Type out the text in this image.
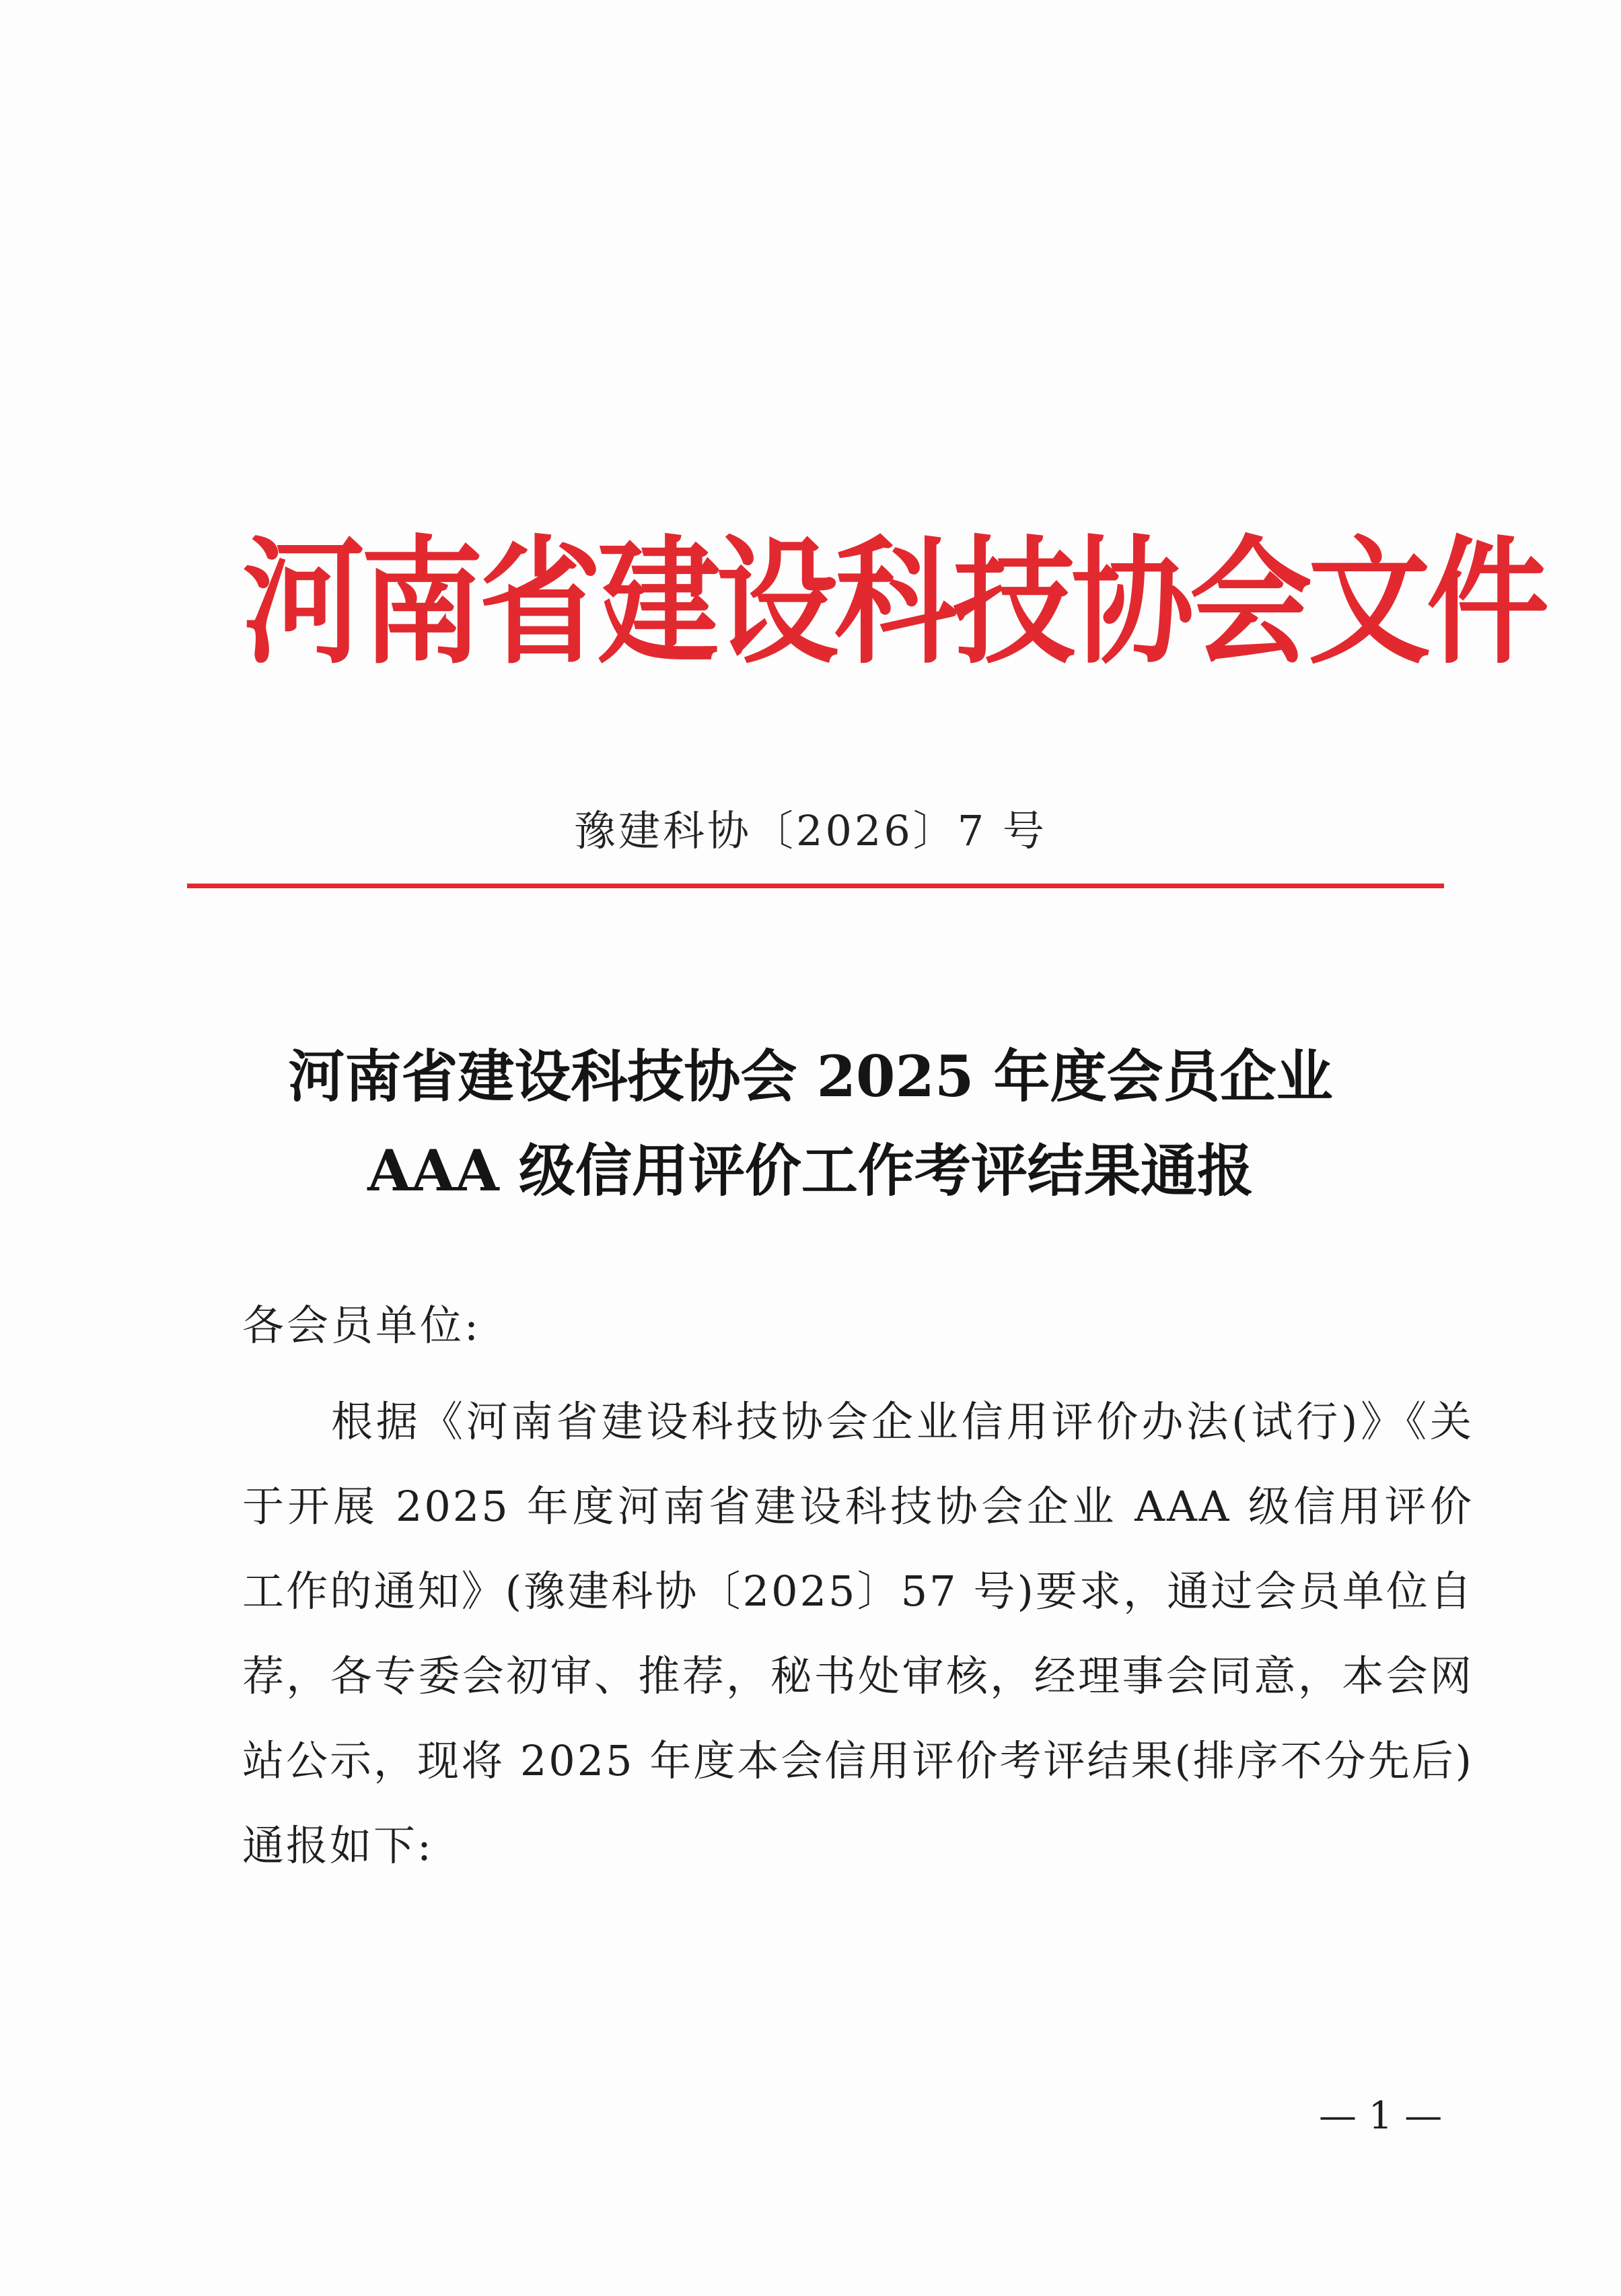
河南省建设科技协会文件
豫建科协〔2026〕7 号
河南省建设科技协会 2025 年度会员企业
AAA 级信用评价工作考评结果通报
各会员单位:
根据《河南省建设科技协会企业信用评价办法(试行)》《关于开展 2025 年度河南省建设科技协会企业 AAA 级信用评价工作的通知》(豫建科协〔2025〕57 号)要求，通过会员单位自荐，各专委会初审、推荐，秘书处审核，经理事会同意，本会网站公示，现将 2025 年度本会信用评价考评结果(排序不分先后)通报如下:
— 1 —
